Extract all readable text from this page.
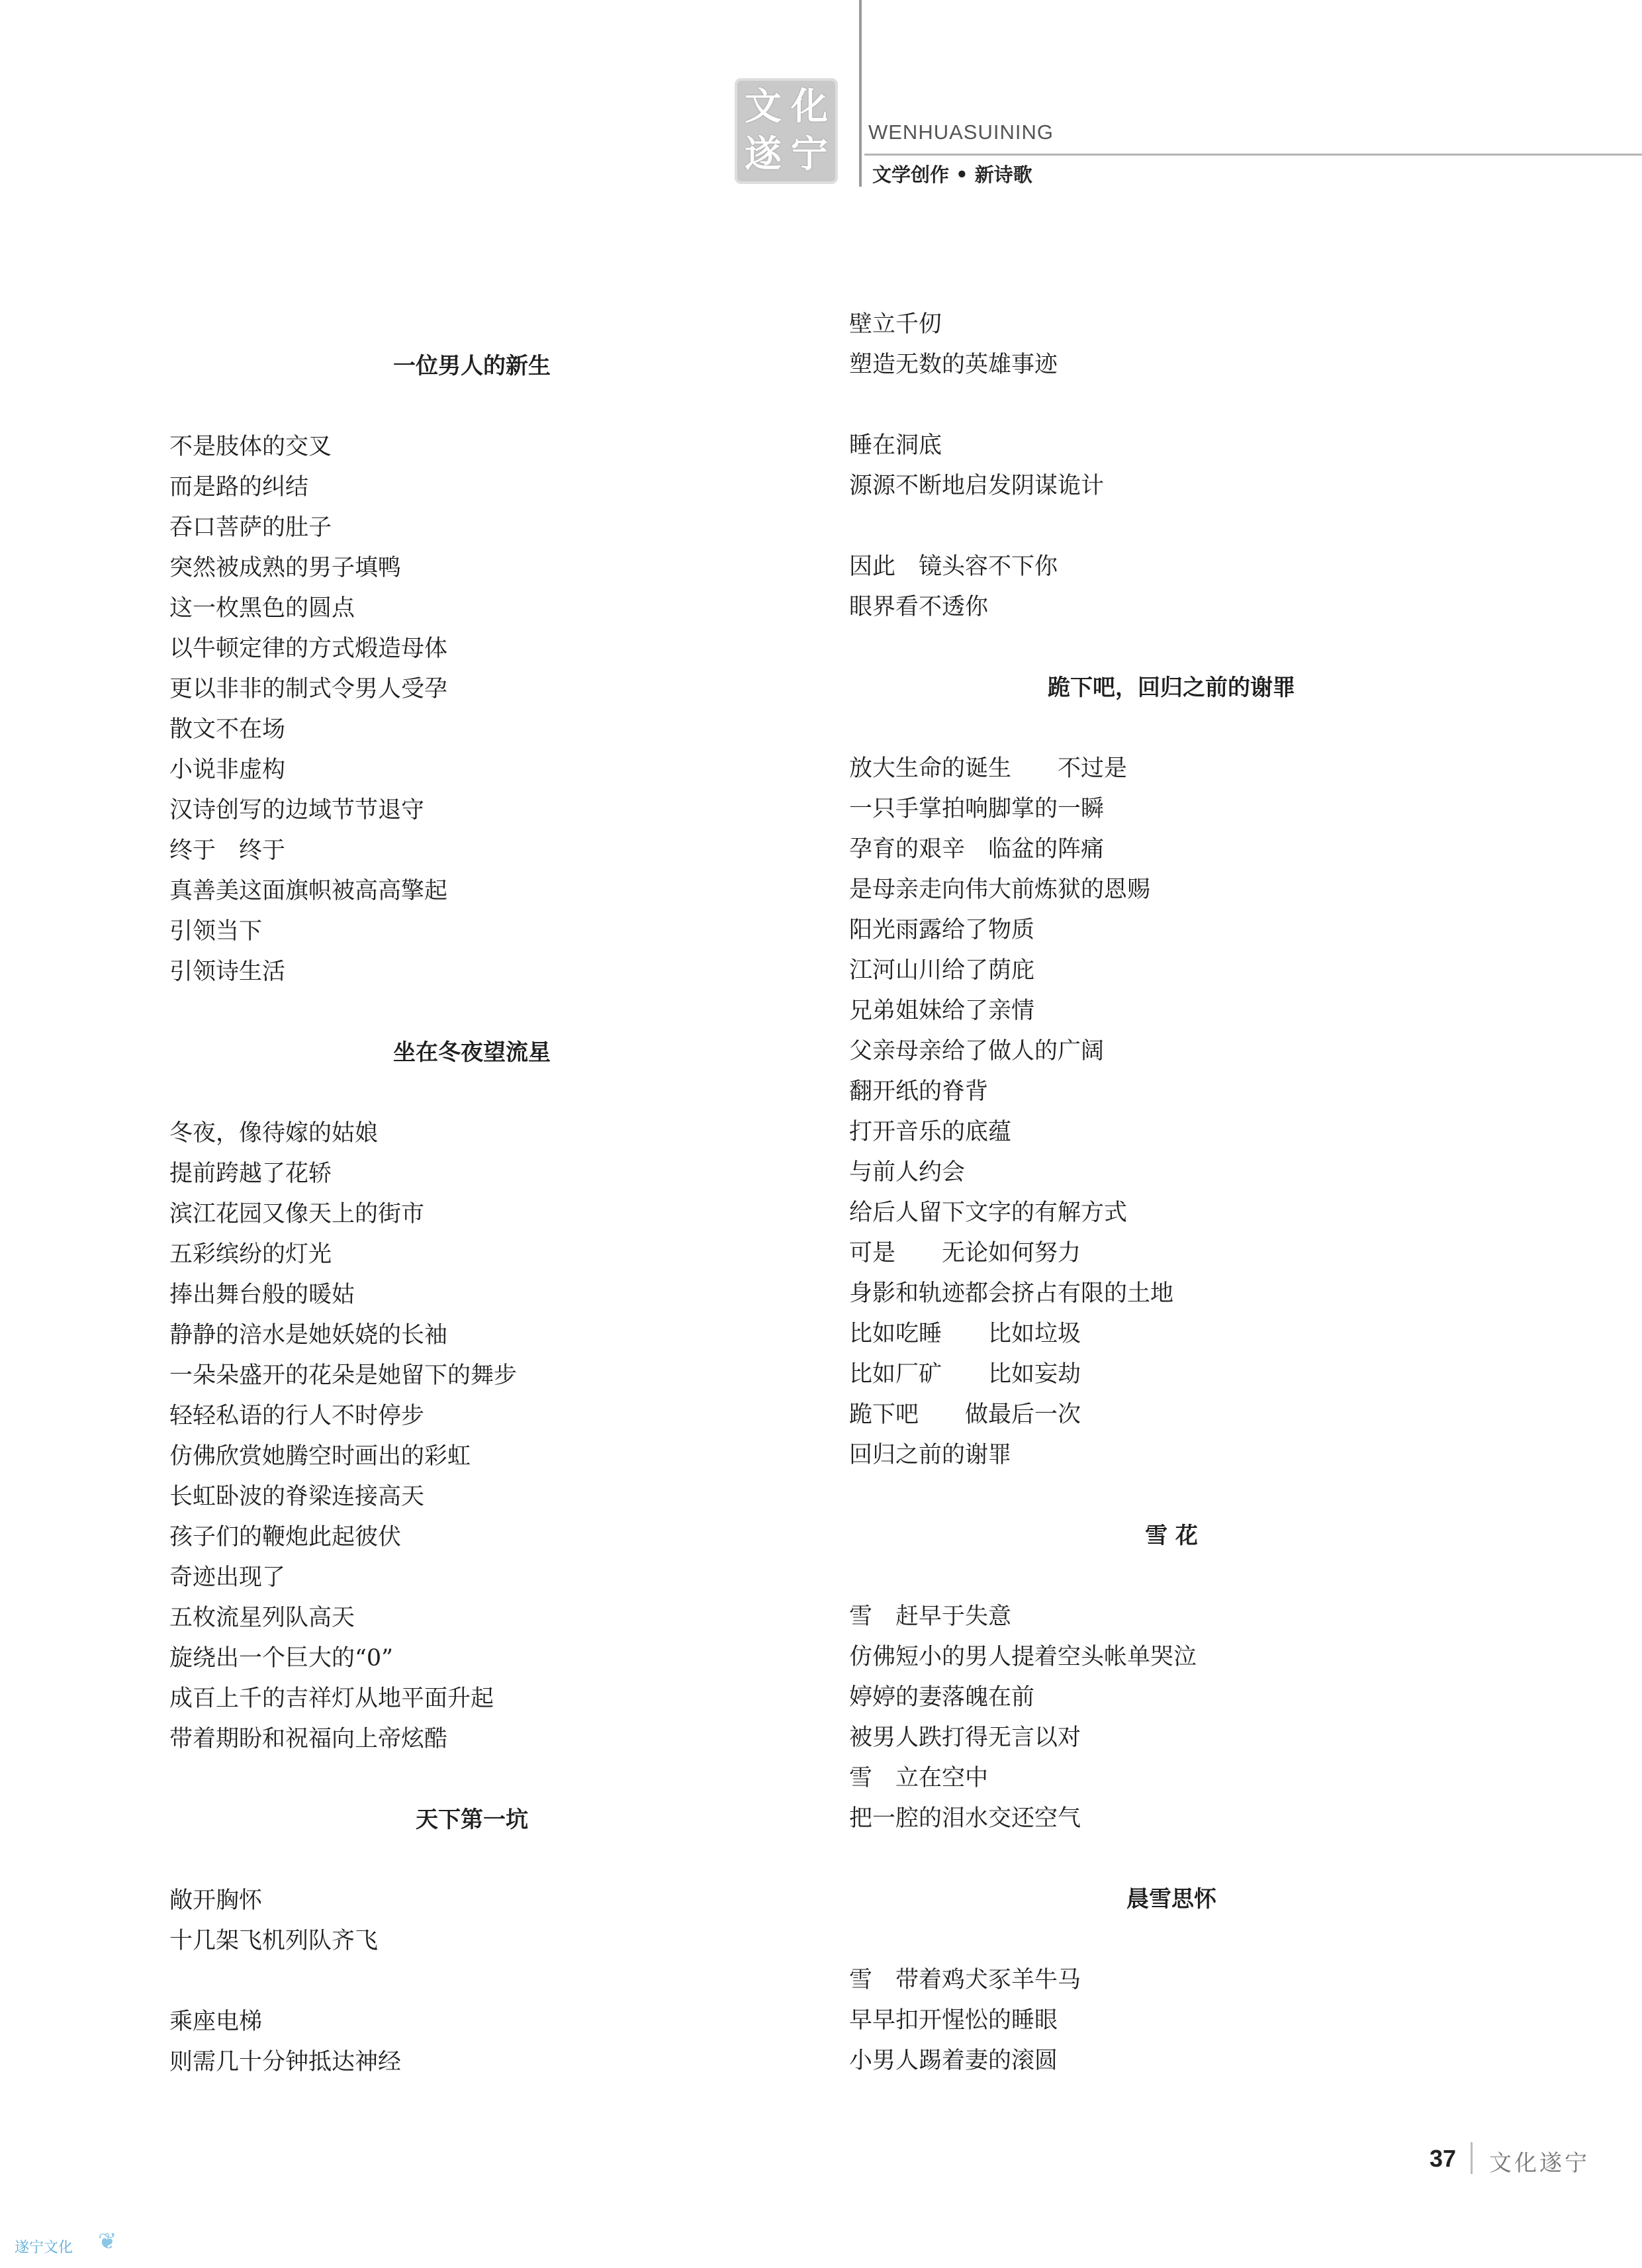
文 化
遂 宁
WENHUASUINING
文学创作 • 新诗歌
一位男人的新生
不是肢体的交叉
而是路的纠结
吞口菩萨的肚子
突然被成熟的男子填鸭
这一枚黑色的圆点
以牛顿定律的方式煅造母体
更以非非的制式令男人受孕
散文不在场
小说非虚构
汉诗创写的边域节节退守
终于　终于
真善美这面旗帜被高高擎起
引领当下
引领诗生活
坐在冬夜望流星
冬夜，像待嫁的姑娘
提前跨越了花轿
滨江花园又像天上的街市
五彩缤纷的灯光
捧出舞台般的暖姑
静静的涪水是她妖娆的长袖
一朵朵盛开的花朵是她留下的舞步
轻轻私语的行人不时停步
仿佛欣赏她腾空时画出的彩虹
长虹卧波的脊梁连接高天
孩子们的鞭炮此起彼伏
奇迹出现了
五枚流星列队高天
旋绕出一个巨大的“0”
成百上千的吉祥灯从地平面升起
带着期盼和祝福向上帝炫酷
天下第一坑
敞开胸怀
十几架飞机列队齐飞
乘座电梯
则需几十分钟抵达神经
壁立千仞
塑造无数的英雄事迹
睡在洞底
源源不断地启发阴谋诡计
因此　镜头容不下你
眼界看不透你
跪下吧，回归之前的谢罪
放大生命的诞生　　不过是
一只手掌拍响脚掌的一瞬
孕育的艰辛　临盆的阵痛
是母亲走向伟大前炼狱的恩赐
阳光雨露给了物质
江河山川给了荫庇
兄弟姐妹给了亲情
父亲母亲给了做人的广阔
翻开纸的脊背
打开音乐的底蕴
与前人约会
给后人留下文字的有解方式
可是　　无论如何努力
身影和轨迹都会挤占有限的土地
比如吃睡　　比如垃圾
比如厂矿　　比如妄劫
跪下吧　　做最后一次
回归之前的谢罪
雪 花
雪　赶早于失意
仿佛短小的男人提着空头帐单哭泣
婷婷的妻落魄在前
被男人跌打得无言以对
雪　立在空中
把一腔的泪水交还空气
晨雪思怀
雪　带着鸡犬豕羊牛马
早早扣开惺忪的睡眼
小男人踢着妻的滚圆
37 文化遂宁
遂宁文化 ❦
